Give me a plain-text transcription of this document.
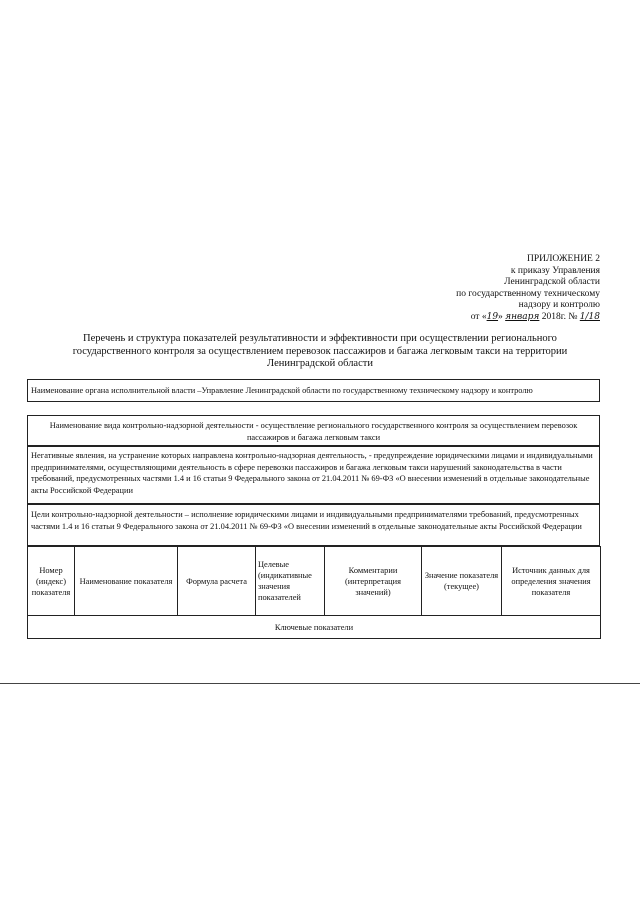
ПРИЛОЖЕНИЕ 2
к приказу Управления
Ленинградской области
по государственному техническому
надзору и контролю
от «19» января 2018г. № 1/18
Перечень и структура показателей результативности и эффективности при осуществлении регионального
государственного контроля за осуществлением перевозок пассажиров и багажа легковым такси на территории
Ленинградской области
Наименование органа исполнительной власти –Управление Ленинградской области по государственному техническому надзору и контролю
Наименование вида контрольно-надзорной деятельности - осуществление регионального государственного контроля за осуществлением перевозок пассажиров и багажа легковым такси
Негативные явления, на устранение которых направлена контрольно-надзорная деятельность, - предупреждение юридическими лицами и индивидуальными предпринимателями, осуществляющими деятельность в сфере перевозки пассажиров и багажа легковым такси нарушений законодательства в части требований, предусмотренных частями 1.4 и 16 статьи 9 Федерального закона от 21.04.2011 № 69-ФЗ «О внесении изменений в отдельные законодательные акты Российской Федерации
Цели контрольно-надзорной деятельности – исполнение юридическими лицами и индивидуальными предпринимателями требований, предусмотренных частями 1.4 и 16 статьи 9 Федерального закона от 21.04.2011 № 69-ФЗ «О внесении изменений в отдельные законодательные акты Российской Федерации
Номер (индекс) показателя	Наименование показателя	Формула расчета	Целевые (индикативные значения показателей	Комментарии (интерпретация значений)	Значение показателя (текущее)	Источник данных для определения значения показателя
Ключевые показатели
